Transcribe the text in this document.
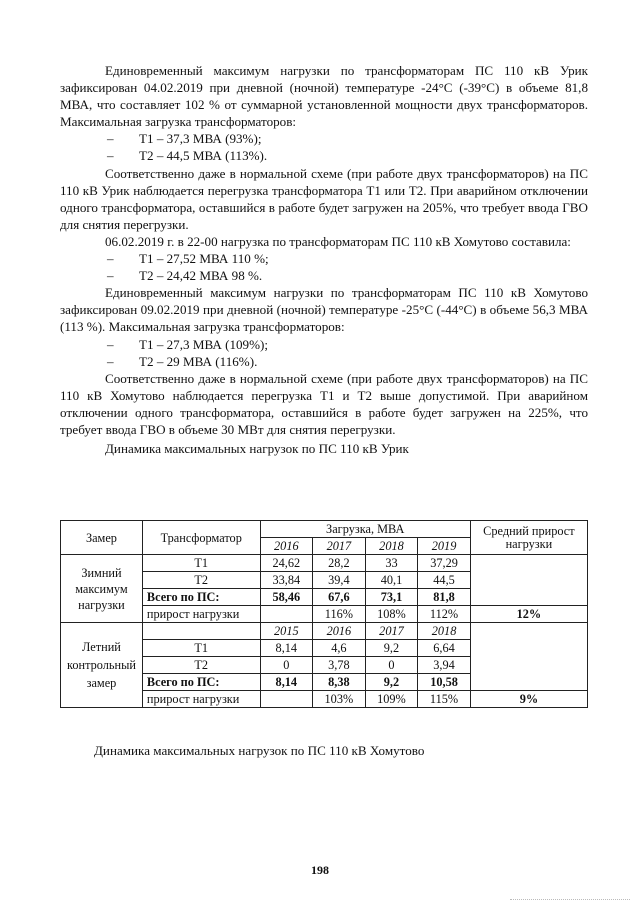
Единовременный максимум нагрузки по трансформаторам ПС 110 кВ Урик зафиксирован 04.02.2019 при дневной (ночной) температуре -24°С (-39°С) в объеме 81,8 МВА, что составляет 102 % от суммарной установленной мощности двух трансформаторов. Максимальная загрузка трансформаторов:

– Т1 – 37,3 МВА (93%);
– Т2 – 44,5 МВА (113%).

Соответственно даже в нормальной схеме (при работе двух трансформаторов) на ПС 110 кВ Урик наблюдается перегрузка трансформатора Т1 или Т2. При аварийном отключении одного трансформатора, оставшийся в работе будет загружен на 205%, что требует ввода ГВО для снятия перегрузки.

06.02.2019 г. в 22-00 нагрузка по трансформаторам ПС 110 кВ Хомутово составила:

– Т1 – 27,52 МВА 110 %;
– Т2 – 24,42 МВА 98 %.

Единовременный максимум нагрузки по трансформаторам ПС 110 кВ Хомутово зафиксирован 09.02.2019 при дневной (ночной) температуре -25°С (-44°С) в объеме 56,3 МВА (113 %). Максимальная загрузка трансформаторов:

– Т1 – 27,3 МВА (109%);
– Т2 – 29 МВА (116%).

Соответственно даже в нормальной схеме (при работе двух трансформаторов) на ПС 110 кВ Хомутово наблюдается перегрузка Т1 и Т2 выше допустимой. При аварийном отключении одного трансформатора, оставшийся в работе будет загружен на 225%, что требует ввода ГВО в объеме 30 МВт для снятия перегрузки.

Динамика максимальных нагрузок по ПС 110 кВ Урик

Замер	Трансформатор	Загрузка, МВА				Средний прирост нагрузки
		2016	2017	2018	2019	
Зимний максимум нагрузки	Т1	24,62	28,2	33	37,29	
	Т2	33,84	39,4	40,1	44,5	
	Всего по ПС:	58,46	67,6	73,1	81,8	
	прирост нагрузки		116%	108%	112%	12%
Летний контрольный замер		2015	2016	2017	2018	
	Т1	8,14	4,6	9,2	6,64	
	Т2	0	3,78	0	3,94	
	Всего по ПС:	8,14	8,38	9,2	10,58	
	прирост нагрузки		103%	109%	115%	9%
Динамика максимальных нагрузок по ПС 110 кВ Хомутово
198
